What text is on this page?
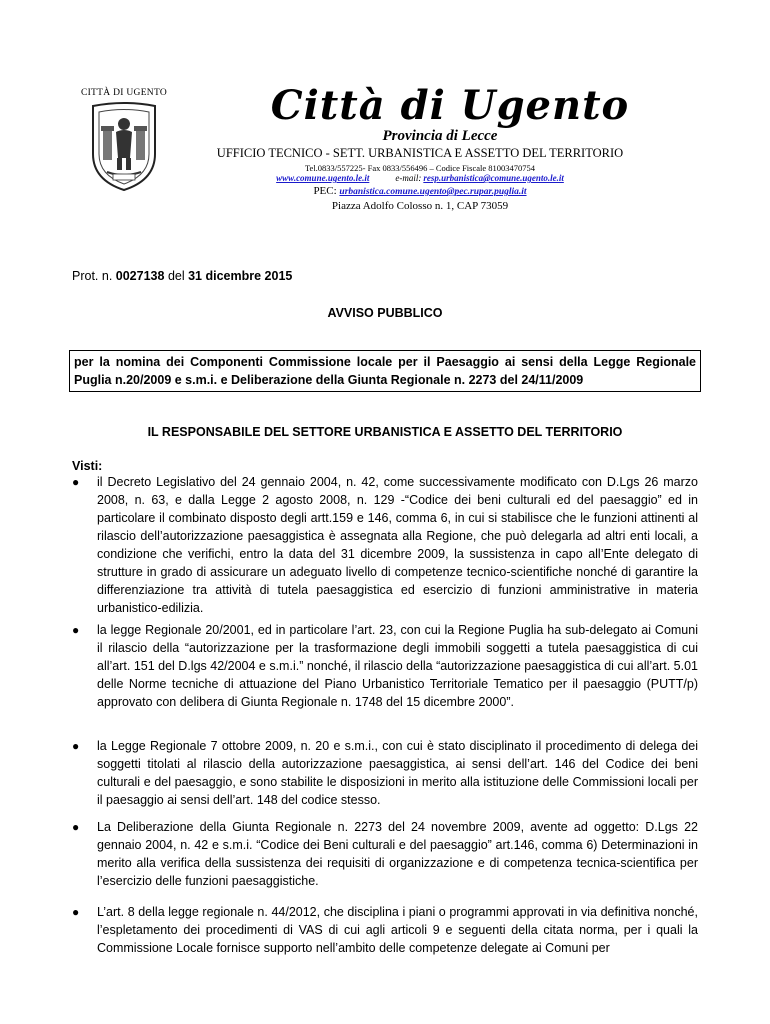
CITTÀ DI UGENTO	Città di Ugento
Provincia di Lecce
UFFICIO TECNICO - SETT. URBANISTICA E ASSETTO DEL TERRITORIO
Tel.0833/557225- Fax 0833/556496 – Codice Fiscale 81003470754
www.comune.ugento.le.it	e-mail: resp.urbanistica@comune.ugento.le.it
PEC: urbanistica.comune.ugento@pec.rupar.puglia.it
Piazza Adolfo Colosso n. 1, CAP 73059
Prot. n. 0027138 del 31 dicembre 2015
AVVISO PUBBLICO
per la nomina dei Componenti Commissione locale per il Paesaggio ai sensi della Legge Regionale Puglia n.20/2009 e s.m.i. e Deliberazione della Giunta Regionale n. 2273 del 24/11/2009
IL RESPONSABILE DEL SETTORE URBANISTICA E ASSETTO DEL TERRITORIO
Visti:
● il Decreto Legislativo del 24 gennaio 2004, n. 42, come successivamente modificato con D.Lgs 26 marzo 2008, n. 63, e dalla Legge 2 agosto 2008, n. 129 -“Codice dei beni culturali ed del paesaggio” ed in particolare il combinato disposto degli artt.159 e 146, comma 6, in cui si stabilisce che le funzioni attinenti al rilascio dell’autorizzazione paesaggistica è assegnata alla Regione, che può delegarla ad altri enti locali, a condizione che verifichi, entro la data del 31 dicembre 2009, la sussistenza in capo all’Ente delegato di strutture in grado di assicurare un adeguato livello di competenze tecnico-scientifiche nonché di garantire la differenziazione tra attività di tutela paesaggistica ed esercizio di funzioni amministrative in materia urbanistico-edilizia.
● la legge Regionale 20/2001, ed in particolare l’art. 23, con cui la Regione Puglia ha sub-delegato ai Comuni il rilascio della “autorizzazione per la trasformazione degli immobili soggetti a tutela paesaggistica di cui all’art. 151 del D.lgs 42/2004 e s.m.i.” nonché, il rilascio della “autorizzazione paesaggistica di cui all’art. 5.01 delle Norme tecniche di attuazione del Piano Urbanistico Territoriale Tematico per il paesaggio (PUTT/p) approvato con delibera di Giunta Regionale n. 1748 del 15 dicembre 2000”.
● la Legge Regionale 7 ottobre 2009, n. 20 e s.m.i., con cui è stato disciplinato il procedimento di delega dei soggetti titolati al rilascio della autorizzazione paesaggistica, ai sensi dell’art. 146 del Codice dei beni culturali e del paesaggio, e sono stabilite le disposizioni in merito alla istituzione delle Commissioni locali per il paesaggio ai sensi dell’art. 148 del codice stesso.
● La Deliberazione della Giunta Regionale n. 2273 del 24 novembre 2009, avente ad oggetto: D.Lgs 22 gennaio 2004, n. 42 e s.m.i. “Codice dei Beni culturali e del paesaggio” art.146, comma 6) Determinazioni in merito alla verifica della sussistenza dei requisiti di organizzazione e di competenza tecnica-scientifica per l’esercizio delle funzioni paesaggistiche.
● L’art. 8 della legge regionale n. 44/2012, che disciplina i piani o programmi approvati in via definitiva nonché, l’espletamento dei procedimenti di VAS di cui agli articoli 9 e seguenti della citata norma, per i quali la Commissione Locale fornisce supporto nell’ambito delle competenze delegate ai Comuni per
